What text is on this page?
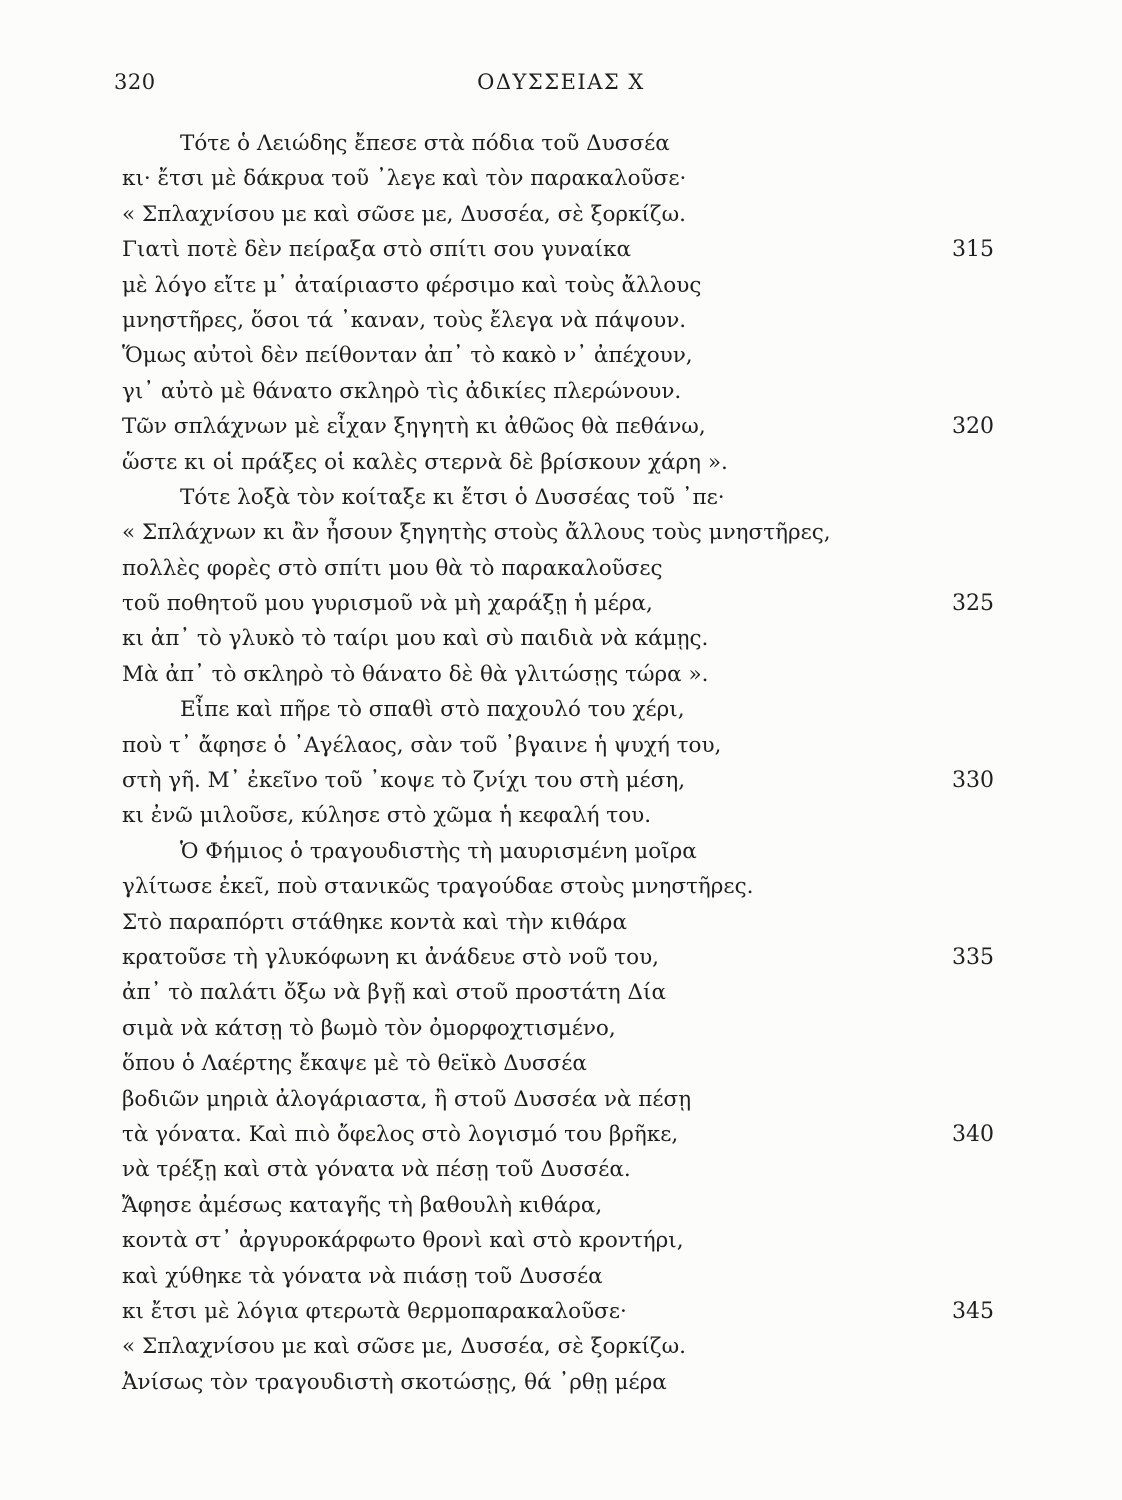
320	ΟΔΥΣΣΕΙΑΣ Χ
Τότε ὁ Λειώδης ἔπεσε στὰ πόδια τοῦ Δυσσέα
κι· ἔτσι μὲ δάκρυα τοῦ ᾽λεγε καὶ τὸν παρακαλοῦσε·
« Σπλαχνίσου με καὶ σῶσε με, Δυσσέα, σὲ ξορκίζω.
Γιατὶ ποτὲ δὲν πείραξα στὸ σπίτι σου γυναίκα	315
μὲ λόγο εἴτε μ᾽ ἀταίριαστο φέρσιμο καὶ τοὺς ἄλλους
μνηστῆρες, ὅσοι τά ᾽καναν, τοὺς ἔλεγα νὰ πάψουν.
Ὅμως αὐτοὶ δὲν πείθονταν ἀπ᾽ τὸ κακὸ ν᾽ ἀπέχουν,
γι᾽ αὐτὸ μὲ θάνατο σκληρὸ τὶς ἀδικίες πλερώνουν.
Τῶν σπλάχνων μὲ εἶχαν ξηγητὴ κι ἀθῶος θὰ πεθάνω,	320
ὥστε κι οἱ πράξες οἱ καλὲς στερνὰ δὲ βρίσκουν χάρη ».
Τότε λοξὰ τὸν κοίταξε κι ἔτσι ὁ Δυσσέας τοῦ ᾽πε·
« Σπλάχνων κι ἂν ἦσουν ξηγητὴς στοὺς ἄλλους τοὺς μνηστῆρες,
πολλὲς φορὲς στὸ σπίτι μου θὰ τὸ παρακαλοῦσες
τοῦ ποθητοῦ μου γυρισμοῦ νὰ μὴ χαράξῃ ἡ μέρα,	325
κι ἀπ᾽ τὸ γλυκὸ τὸ ταίρι μου καὶ σὺ παιδιὰ νὰ κάμῃς.
Μὰ ἀπ᾽ τὸ σκληρὸ τὸ θάνατο δὲ θὰ γλιτώσῃς τώρα ».
Εἶπε καὶ πῆρε τὸ σπαθὶ στὸ παχουλό του χέρι,
ποὺ τ᾽ ἄφησε ὁ ᾽Αγέλαος, σὰν τοῦ ᾽βγαινε ἡ ψυχή του,
στὴ γῆ. Μ᾽ ἐκεῖνο τοῦ ᾽κοψε τὸ ζνίχι του στὴ μέση,	330
κι ἐνῶ μιλοῦσε, κύλησε στὸ χῶμα ἡ κεφαλή του.
Ὁ Φήμιος ὁ τραγουδιστὴς τὴ μαυρισμένη μοῖρα
γλίτωσε ἐκεῖ, ποὺ στανικῶς τραγούδαε στοὺς μνηστῆρες.
Στὸ παραπόρτι στάθηκε κοντὰ καὶ τὴν κιθάρα
κρατοῦσε τὴ γλυκόφωνη κι ἀνάδευε στὸ νοῦ του,	335
ἀπ᾽ τὸ παλάτι ὄξω νὰ βγῇ καὶ στοῦ προστάτη Δία
σιμὰ νὰ κάτσῃ τὸ βωμὸ τὸν ὀμορφοχτισμένο,
ὅπου ὁ Λαέρτης ἔκαψε μὲ τὸ θεϊκὸ Δυσσέα
βοδιῶν μηριὰ ἀλογάριαστα, ἢ στοῦ Δυσσέα νὰ πέσῃ
τὰ γόνατα. Καὶ πιὸ ὄφελος στὸ λογισμό του βρῆκε,	340
νὰ τρέξῃ καὶ στὰ γόνατα νὰ πέσῃ τοῦ Δυσσέα.
Ἄφησε ἀμέσως καταγῆς τὴ βαθουλὴ κιθάρα,
κοντὰ στ᾽ ἀργυροκάρφωτο θρονὶ καὶ στὸ κροντήρι,
καὶ χύθηκε τὰ γόνατα νὰ πιάσῃ τοῦ Δυσσέα
κι ἔτσι μὲ λόγια φτερωτὰ θερμοπαρακαλοῦσε·	345
« Σπλαχνίσου με καὶ σῶσε με, Δυσσέα, σὲ ξορκίζω.
Ἀνίσως τὸν τραγουδιστὴ σκοτώσῃς, θά ᾽ρθῃ μέρα
